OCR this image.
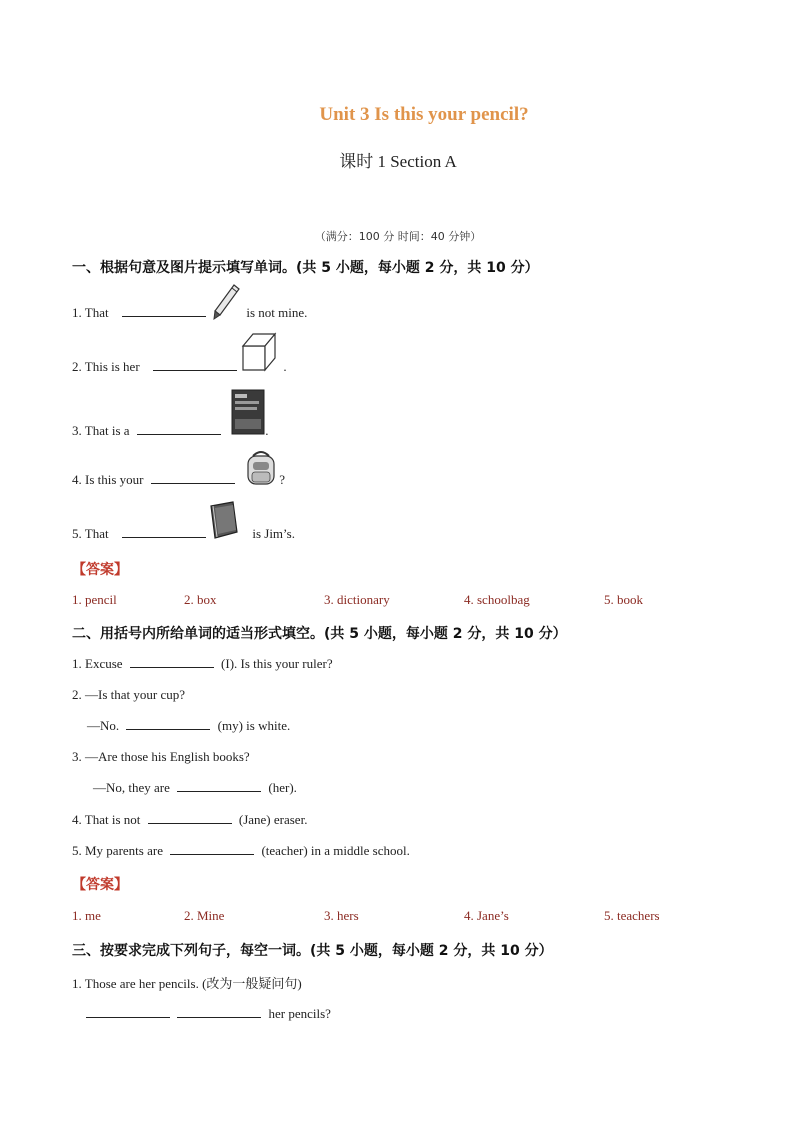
Unit 3 Is this your pencil?
课时 1 Section A
（满分：100 分 时间：40 分钟）
一、根据句意及图片提示填写单词。(共 5 小题，每小题 2 分，共 10 分）
1. That	is not mine.
2. This is her	.
3. That is a	.
4. Is this your	?
5. That	is Jim’s.
【答案】
1. pencil	2. box	3. dictionary	4. schoolbag	5. book
二、用括号内所给单词的适当形式填空。(共 5 小题，每小题 2 分，共 10 分）
1. Excuse	(I). Is this your ruler?
2. —Is that your cup?
—No.	(my) is white.
3. —Are those his English books?
—No, they are	(her).
4. That is not	(Jane) eraser.
5. My parents are	(teacher) in a middle school.
【答案】
1. me	2. Mine	3. hers	4. Jane’s	5. teachers
三、按要求完成下列句子，每空一词。(共 5 小题，每小题 2 分，共 10 分）
1. Those are her pencils. (改为一般疑问句)
her pencils?
